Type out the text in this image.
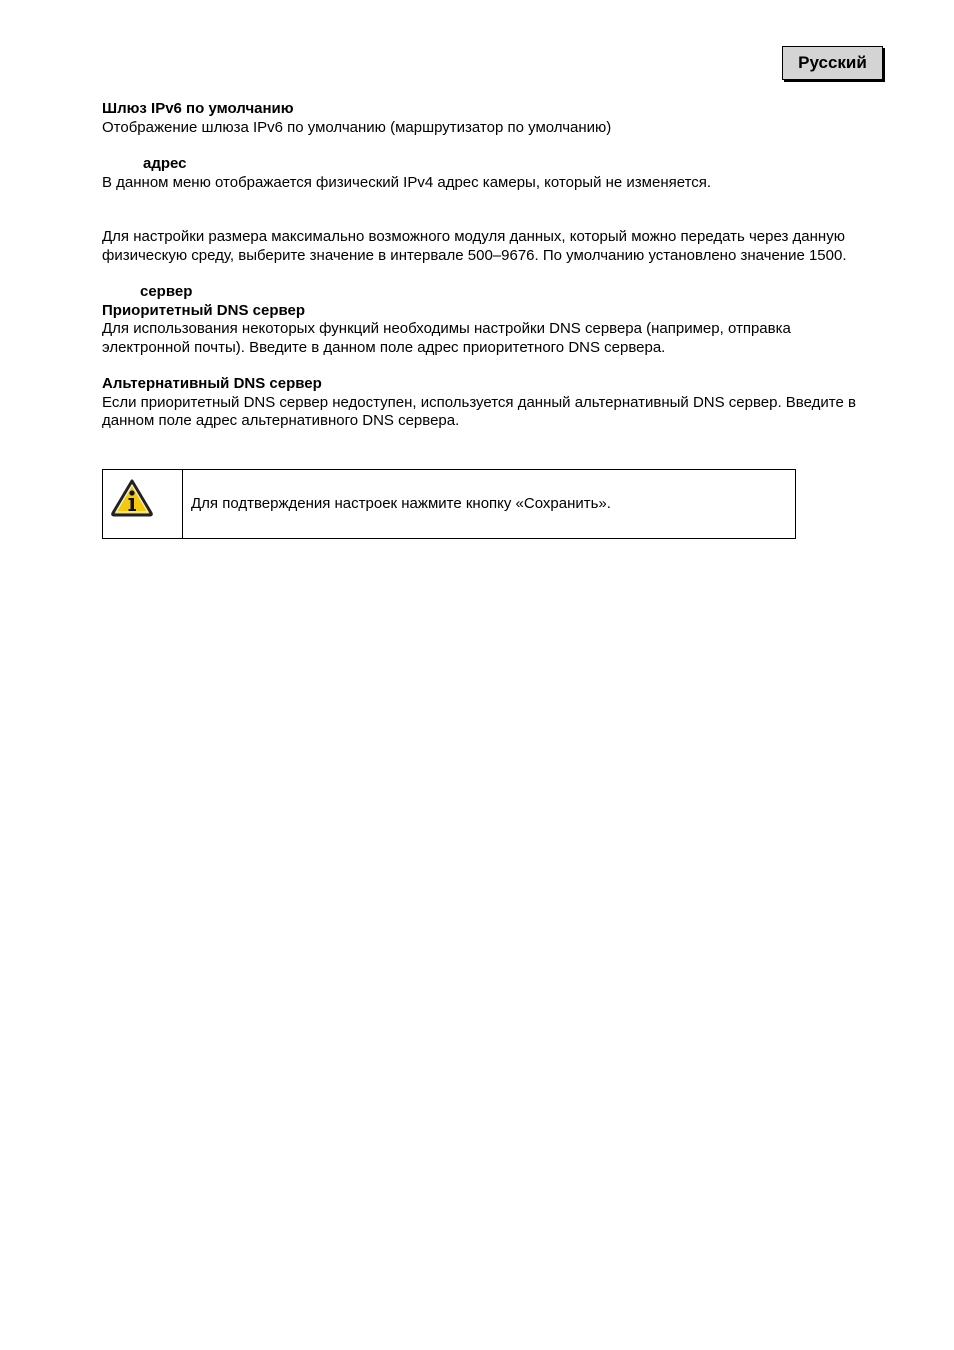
Русский

Шлюз IPv6 по умолчанию

Отображение шлюза IPv6 по умолчанию (маршрутизатор по умолчанию)

адрес

В данном меню отображается физический IPv4 адрес камеры, который не изменяется.

Для настройки размера максимально возможного модуля данных, который можно передать через данную физическую среду, выберите значение в интервале 500–9676. По умолчанию установлено значение 1500.

сервер

Приоритетный DNS сервер

Для использования некоторых функций необходимы настройки DNS сервера (например, отправка электронной почты). Введите в данном поле адрес приоритетного DNS сервера.

Альтернативный DNS сервер

Если приоритетный DNS сервер недоступен, используется данный альтернативный DNS сервер. Введите в данном поле адрес альтернативного DNS сервера.

Для подтверждения настроек нажмите кнопку «Сохранить».
